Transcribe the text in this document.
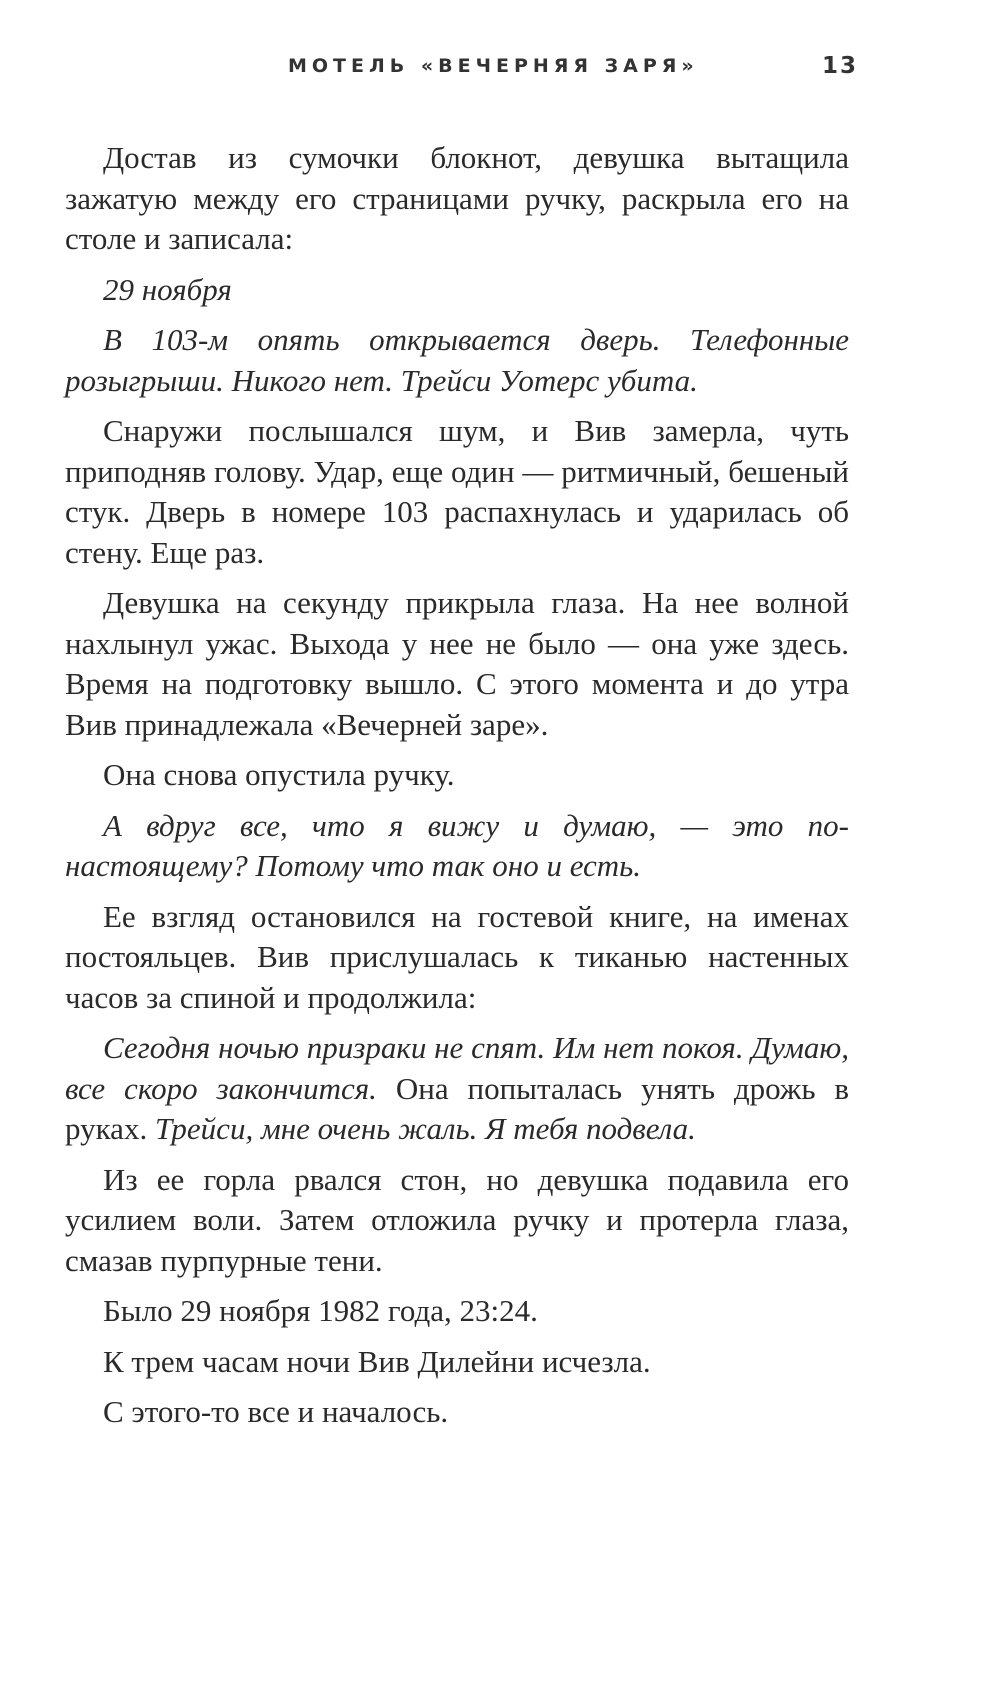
МОТЕЛЬ «ВЕЧЕРНЯЯ ЗАРЯ»	13

Достав из сумочки блокнот, девушка вытащила зажатую между его страницами ручку, раскрыла его на столе и записала:

29 ноября

В 103-м опять открывается дверь. Телефонные розыгрыши. Никого нет. Трейси Уотерс убита.

Снаружи послышался шум, и Вив замерла, чуть приподняв голову. Удар, еще один — ритмичный, бешеный стук. Дверь в номере 103 распахнулась и ударилась об стену. Еще раз.

Девушка на секунду прикрыла глаза. На нее волной нахлынул ужас. Выхода у нее не было — она уже здесь. Время на подготовку вышло. С этого момента и до утра Вив принадлежала «Вечерней заре».

Она снова опустила ручку.

А вдруг все, что я вижу и думаю, — это по-настоящему? Потому что так оно и есть.

Ее взгляд остановился на гостевой книге, на именах постояльцев. Вив прислушалась к тиканью настенных часов за спиной и продолжила:

Сегодня ночью призраки не спят. Им нет покоя. Думаю, все скоро закончится. Она попыталась унять дрожь в руках. Трейси, мне очень жаль. Я тебя подвела.

Из ее горла рвался стон, но девушка подавила его усилием воли. Затем отложила ручку и протерла глаза, смазав пурпурные тени.

Было 29 ноября 1982 года, 23:24.

К трем часам ночи Вив Дилейни исчезла.

С этого-то все и началось.
